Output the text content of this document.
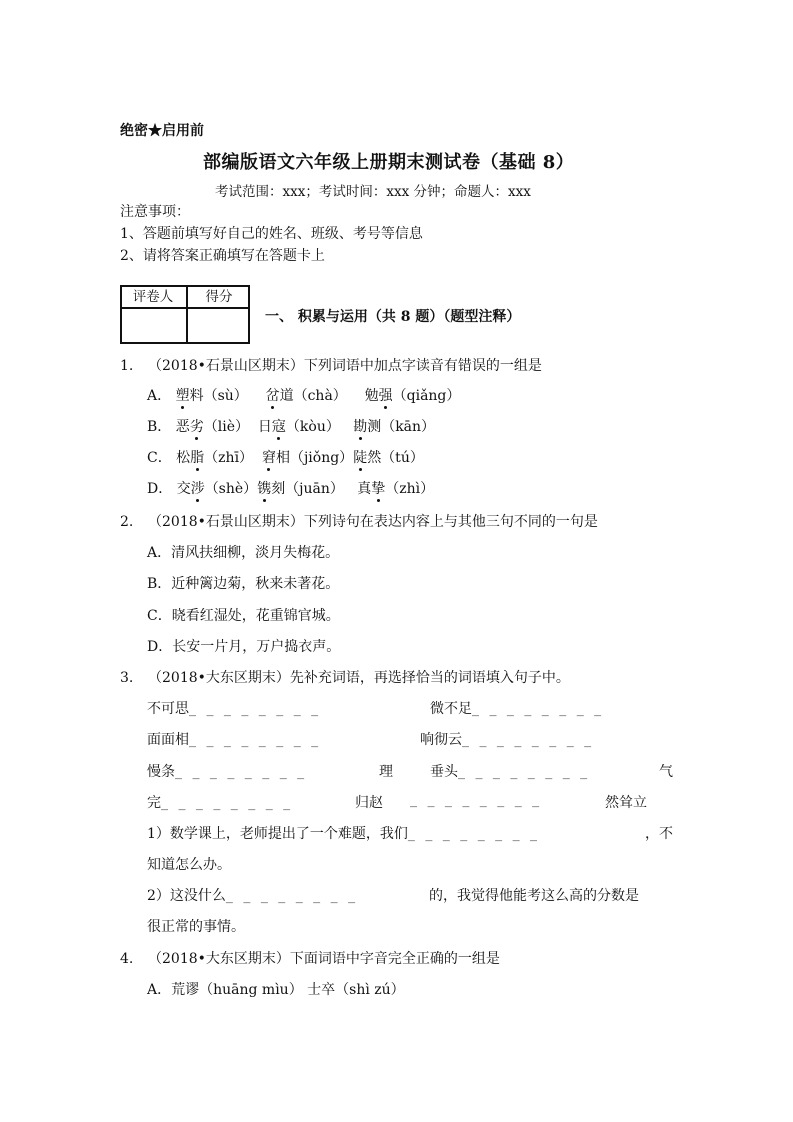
绝密★启用前
部编版语文六年级上册期末测试卷（基础 8）
考试范围：xxx；考试时间：xxx 分钟；命题人：xxx
注意事项：
1、答题前填写好自己的姓名、班级、考号等信息
2、请将答案正确填写在答题卡上
评卷人	得分
一、 积累与运用（共 8 题）（题型注释）
1. （2018•石景山区期末）下列词语中加点字读音有错误的一组是
A． 塑料（sù） 岔道（chà） 勉强（qiǎng）
B． 恶劣（liè） 日寇（kòu） 勘测（kān）
C． 松脂（zhī） 窘相（jiǒng）陡然（tú）
D． 交涉（shè）镌刻（juān） 真挚（zhì）
2. （2018•石景山区期末）下列诗句在表达内容上与其他三句不同的一句是
A．清风扶细柳，淡月失梅花。
B．近种篱边菊，秋来未著花。
C．晓看红湿处，花重锦官城。
D．长安一片月，万户捣衣声。
3. （2018•大东区期末）先补充词语，再选择恰当的词语填入句子中。
不可思_ _ _ _ _ _ _ _	微不足_ _ _ _ _ _ _ _
面面相_ _ _ _ _ _ _ _	响彻云_ _ _ _ _ _ _ _
慢条_ _ _ _ _ _ _ _	理	垂头_ _ _ _ _ _ _ _	气
完_ _ _ _ _ _ _ _	归赵 _ _ _ _ _ _ _ _	然耸立
1）数学课上，老师提出了一个难题，我们_ _ _ _ _ _ _ _	，不
知道怎么办。
2）这没什么_ _ _ _ _ _ _ _	的，我觉得他能考这么高的分数是
很正常的事情。
4. （2018•大东区期末）下面词语中字音完全正确的一组是
A．荒谬（huāng mìu） 士卒（shì zú）
